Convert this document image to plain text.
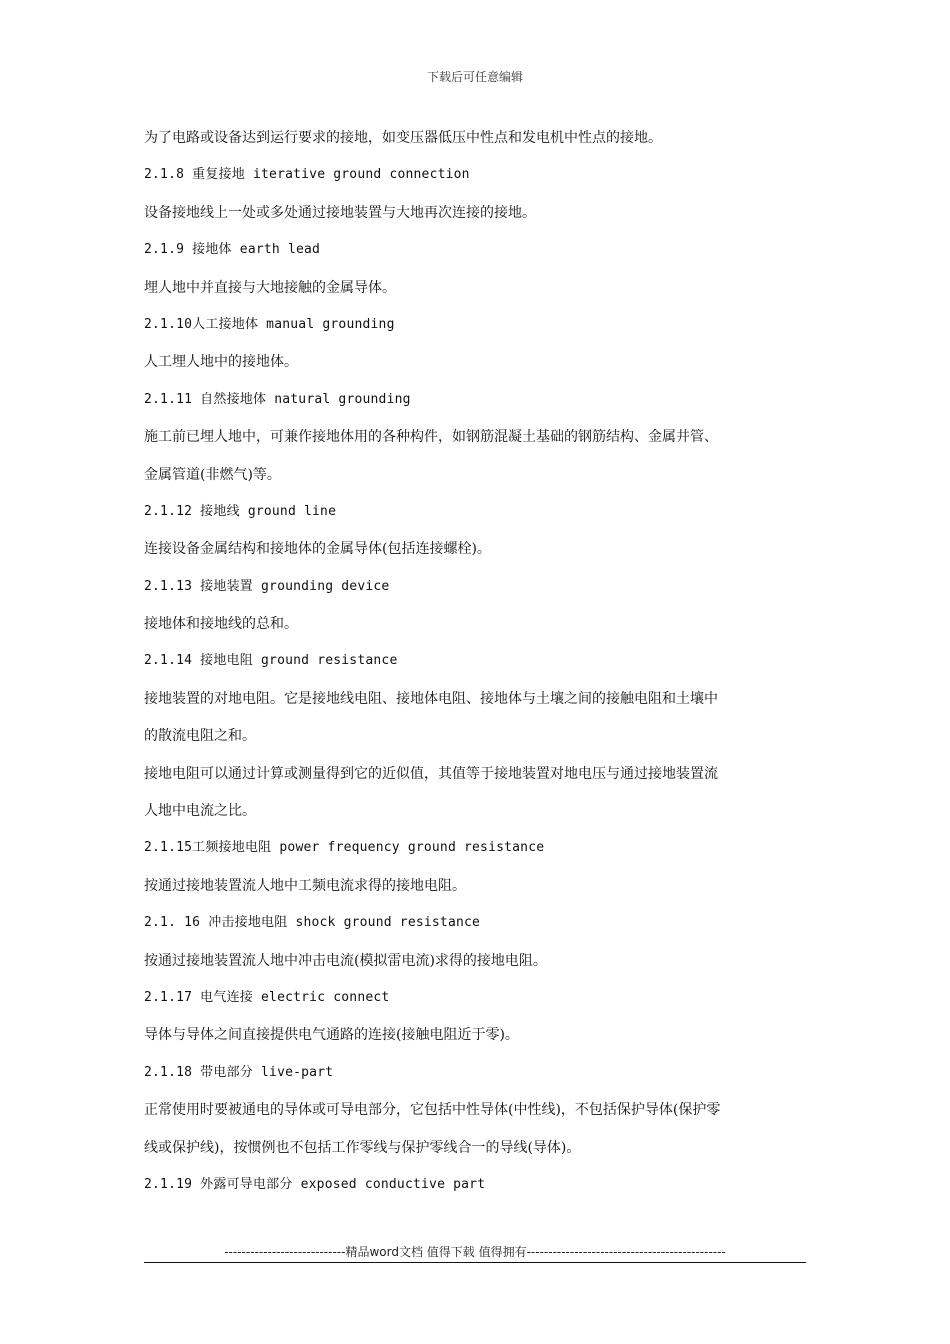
下载后可任意编辑
为了电路或设备达到运行要求的接地，如变压器低压中性点和发电机中性点的接地。
2.1.8 重复接地 iterative ground connection
设备接地线上一处或多处通过接地装置与大地再次连接的接地。
2.1.9 接地体 earth lead
埋人地中并直接与大地接触的金属导体。
2.1.10人工接地体 manual grounding
人工埋人地中的接地体。
2.1.11 自然接地体 natural grounding
施工前已埋人地中，可兼作接地体用的各种构件，如钢筋混凝土基础的钢筋结构、金属井管、
金属管道(非燃气)等。
2.1.12 接地线 ground line
连接设备金属结构和接地体的金属导体(包括连接螺栓)。
2.1.13 接地装置 grounding device
接地体和接地线的总和。
2.1.14 接地电阻 ground resistance
接地装置的对地电阻。它是接地线电阻、接地体电阻、接地体与土壤之间的接触电阻和土壤中
的散流电阻之和。
接地电阻可以通过计算或测量得到它的近似值，其值等于接地装置对地电压与通过接地装置流
人地中电流之比。
2.1.15工频接地电阻 power frequency ground resistance
按通过接地装置流人地中工频电流求得的接地电阻。
2.1. 16 冲击接地电阻 shock ground resistance
按通过接地装置流人地中冲击电流(模拟雷电流)求得的接地电阻。
2.1.17 电气连接 electric connect
导体与导体之间直接提供电气通路的连接(接触电阻近于零)。
2.1.18 带电部分 live-part
正常使用时要被通电的导体或可导电部分，它包括中性导体(中性线)，不包括保护导体(保护零
线或保护线)，按惯例也不包括工作零线与保护零线合一的导线(导体)。
2.1.19 外露可导电部分 exposed conductive part
----------------------------精品word文档 值得下载 值得拥有----------------------------------------------
